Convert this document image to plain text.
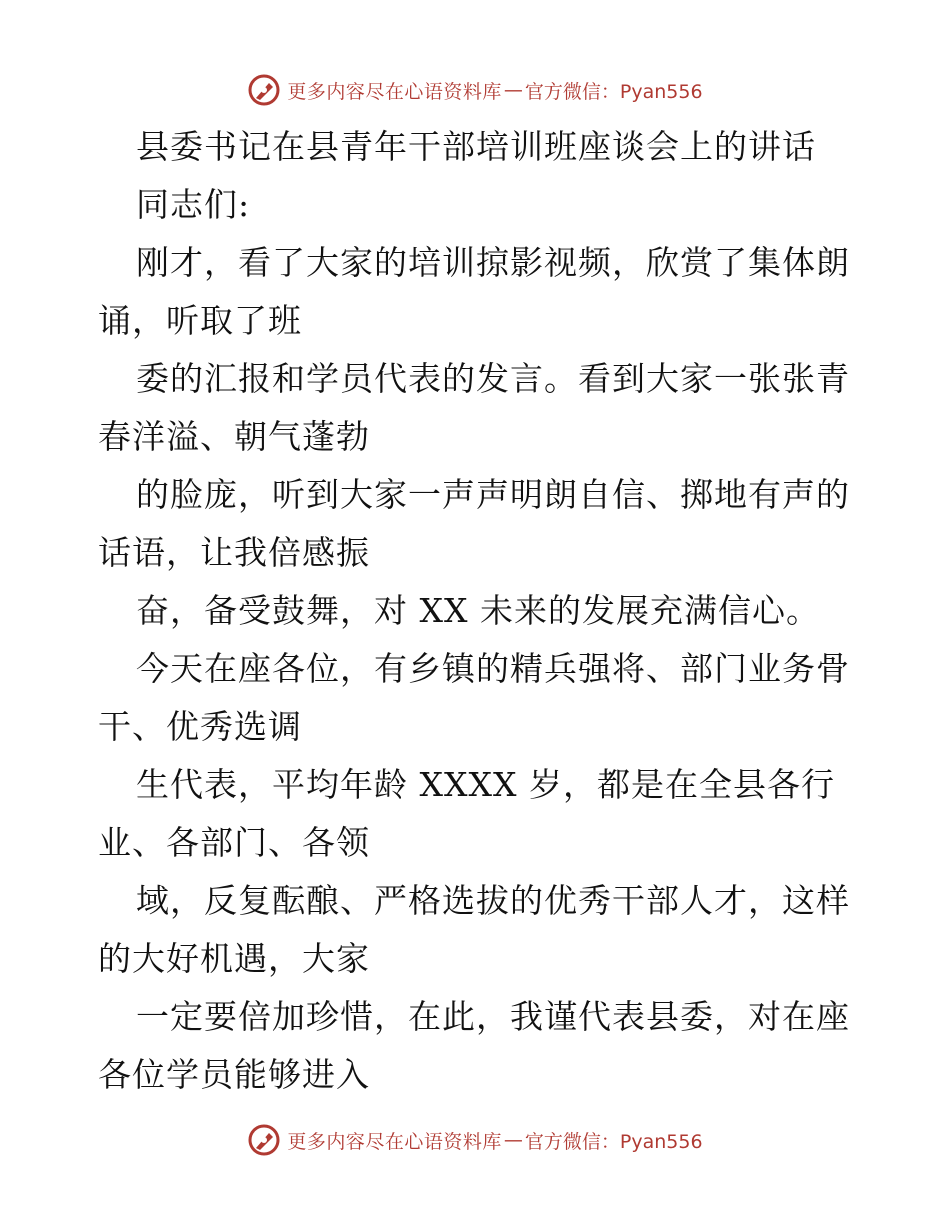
更多内容尽在心语资料库 — 官方微信：Pyan556
县委书记在县青年干部培训班座谈会上的讲话
同志们:
刚才，看了大家的培训掠影视频，欣赏了集体朗
诵，听取了班
委的汇报和学员代表的发言。看到大家一张张青
春洋溢、朝气蓬勃
的脸庞，听到大家一声声明朗自信、掷地有声的
话语，让我倍感振
奋，备受鼓舞，对 XX 未来的发展充满信心。
今天在座各位，有乡镇的精兵强将、部门业务骨
干、优秀选调
生代表，平均年龄 XXXX 岁，都是在全县各行
业、各部门、各领
域，反复酝酿、严格选拔的优秀干部人才，这样
的大好机遇，大家
一定要倍加珍惜，在此，我谨代表县委，对在座
各位学员能够进入
更多内容尽在心语资料库 — 官方微信：Pyan556
